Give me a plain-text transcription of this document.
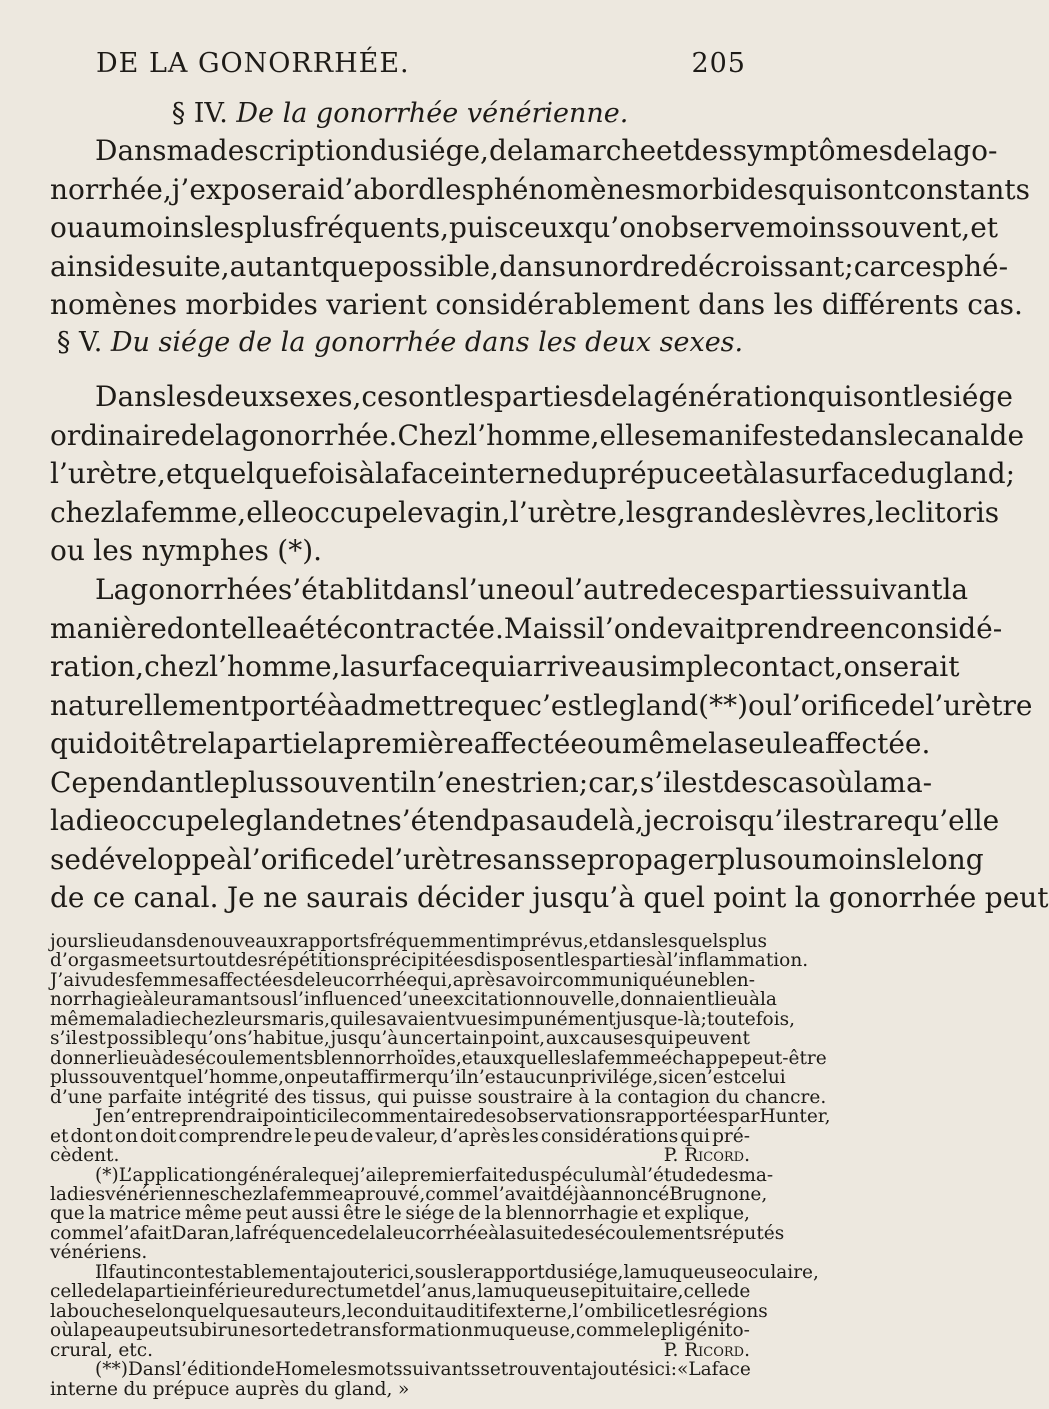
DE LA GONORRHÉE.	205
§ IV. De la gonorrhée vénérienne.
Dans ma description du siége, de la marche et des symptômes de la go-
norrhée, j’exposerai d’abord les phénomènes morbides qui sont constants
ou au moins les plus fréquents, puis ceux qu’on observe moins souvent, et
ainsi de suite, autant que possible, dans un ordre décroissant; car ces phé-
nomènes morbides varient considérablement dans les différents cas.
§ V. Du siége de la gonorrhée dans les deux sexes.
Dans les deux sexes, ce sont les parties de la génération qui sont le siége
ordinaire de la gonorrhée. Chez l’homme, elle se manifeste dans le canal de
l’urètre, et quelquefois à la face interne du prépuce et à la surface du gland;
chez la femme, elle occupe le vagin, l’urètre, les grandes lèvres, le clitoris
ou les nymphes (*).
La gonorrhée s’établit dans l’une ou l’autre de ces parties suivant la
manière dont elle a été contractée. Mais si l’on devait prendre en considé-
ration, chez l’homme, la surface qui arrive au simple contact, on serait
naturellement porté à admettre que c’est le gland (**) ou l’orifice de l’urètre
qui doit être la partie la première affectée ou même la seule affectée.
Cependant le plus souvent il n’en est rien; car, s’il est des cas où la ma-
ladie occupe le gland et ne s’étend pas au delà, je crois qu’il est rare qu’elle
se développe à l’orifice de l’urètre sans se propager plus ou moins le long
de ce canal. Je ne saurais décider jusqu’à quel point la gonorrhée peut
jours lieu dans de nouveaux rapports fréquemment imprévus, et dans lesquels plus
d’orgasme et surtout des répétitions précipitées disposent les parties à l’inflammation.
J’ai vu des femmes affectées de leucorrhée qui, après avoir communiqué une blen-
norrhagie à leur amant sous l’influence d’une excitation nouvelle, donnaient lieu à la
même maladie chez leurs maris, qui les avaient vues impunément jusque-là; toutefois,
s’il est possible qu’on s’habitue, jusqu’à un certain point, aux causes qui peuvent
donner lieu à des écoulements blennorrhoïdes, et auxquelles la femme échappe peut-être
plus souvent que l’homme, on peut affirmer qu’il n’est aucun privilége, si ce n’est celui
d’une parfaite intégrité des tissus, qui puisse soustraire à la contagion du chancre.
Je n’entreprendrai point ici le commentaire des observations rapportées par Hunter,
et dont on doit comprendre le peu de valeur, d’après les considérations qui pré-
cèdent.	P. Ricord.
(*) L’application générale que j’ai le premier faite du spéculum à l’étude des ma-
ladies vénériennes chez la femme a prouvé, comme l’avait déjà annoncé Brugnone,
que la matrice même peut aussi être le siége de la blennorrhagie et explique,
comme l’a fait Daran, la fréquence de la leucorrhée à la suite des écoulements réputés
vénériens.
Il faut incontestablement ajouter ici, sous le rapport du siége, la muqueuse oculaire,
celle de la partie inférieure du rectum et de l’anus, la muqueuse pituitaire, celle de
la bouche selon quelques auteurs, le conduit auditif externe, l’ombilic et les régions
où la peau peut subir une sorte de transformation muqueuse, comme le pli génito-
crural, etc.	P. Ricord.
(**) Dans l’édition de Home les mots suivants se trouvent ajoutés ici: « La face
interne du prépuce auprès du gland, »
